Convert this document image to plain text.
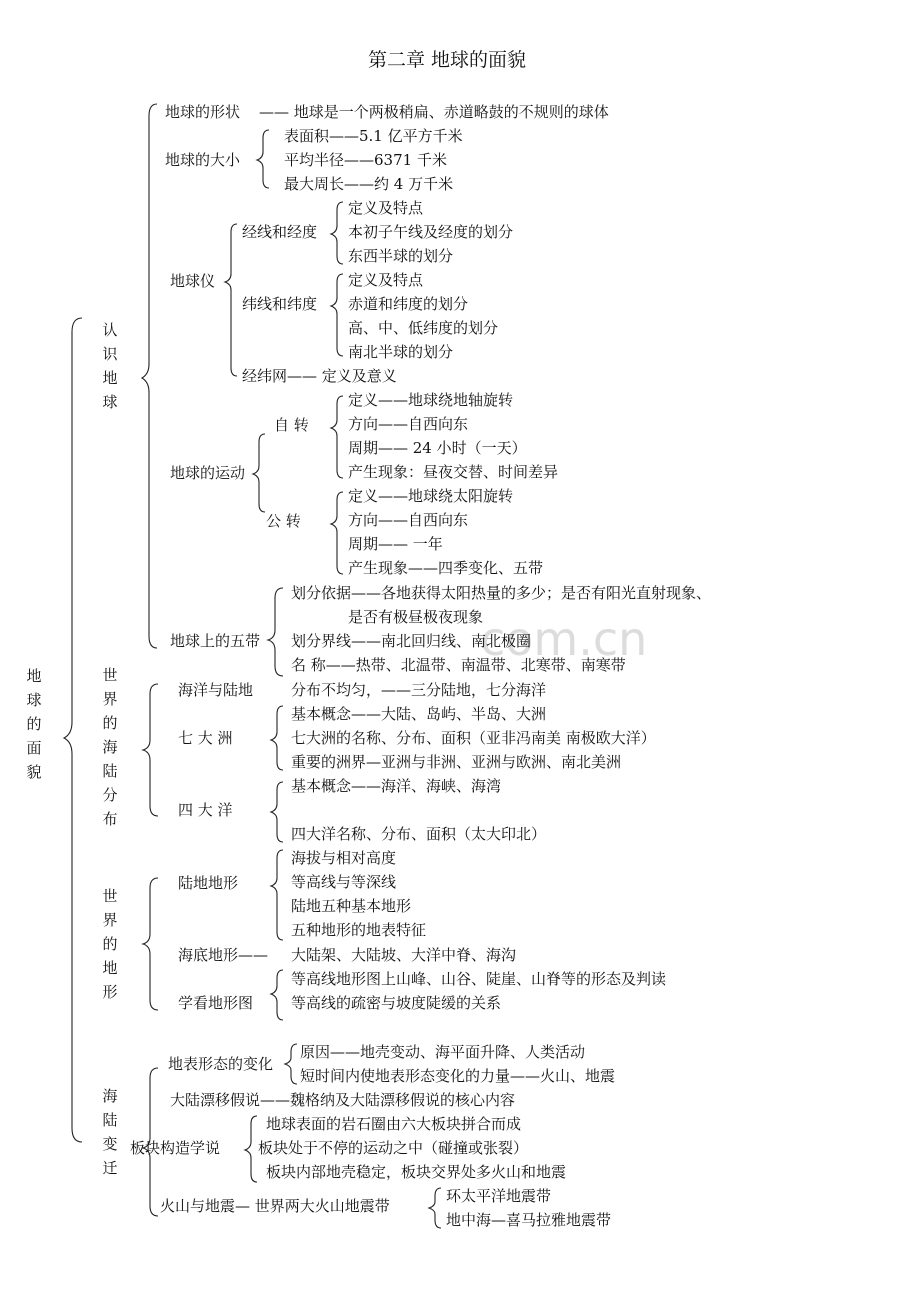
com.cn
第二章 地球的面貌
地球的面貌
认识地球
世界的海陆分布
世界的地形
海陆变迁
地球的形状 —— 地球是一个两极稍扁、赤道略鼓的不规则的球体
地球的大小
表面积——5.1 亿平方千米
平均半径——6371 千米
最大周长——约 4 万千米
地球仪
经线和经度
定义及特点
本初子午线及经度的划分
东西半球的划分
纬线和纬度
定义及特点
赤道和纬度的划分
高、中、低纬度的划分
南北半球的划分
经纬网—— 定义及意义
地球的运动
自 转
定义——地球绕地轴旋转
方向——自西向东
周期—— 24 小时（一天）
产生现象：昼夜交替、时间差异
公 转
定义——地球绕太阳旋转
方向——自西向东
周期—— 一年
产生现象——四季变化、五带
地球上的五带
划分依据——各地获得太阳热量的多少；是否有阳光直射现象、
是否有极昼极夜现象
划分界线——南北回归线、南北极圈
名 称——热带、北温带、南温带、北寒带、南寒带
海洋与陆地	分布不均匀，——三分陆地，七分海洋
七 大 洲
基本概念——大陆、岛屿、半岛、大洲
七大洲的名称、分布、面积（亚非冯南美 南极欧大洋）
重要的洲界—亚洲与非洲、亚洲与欧洲、南北美洲
四 大 洋
基本概念——海洋、海峡、海湾
四大洋名称、分布、面积（太大印北）
陆地地形
海拔与相对高度
等高线与等深线
陆地五种基本地形
五种地形的地表特征
海底地形—— 大陆架、大陆坡、大洋中脊、海沟
学看地形图
等高线地形图上山峰、山谷、陡崖、山脊等的形态及判读
等高线的疏密与坡度陡缓的关系
地表形态的变化
原因——地壳变动、海平面升降、人类活动
短时间内使地表形态变化的力量——火山、地震
大陆漂移假说——魏格纳及大陆漂移假说的核心内容
板块构造学说
地球表面的岩石圈由六大板块拼合而成
板块处于不停的运动之中（碰撞或张裂）
板块内部地壳稳定，板块交界处多火山和地震
火山与地震— 世界两大火山地震带
环太平洋地震带
地中海—喜马拉雅地震带
